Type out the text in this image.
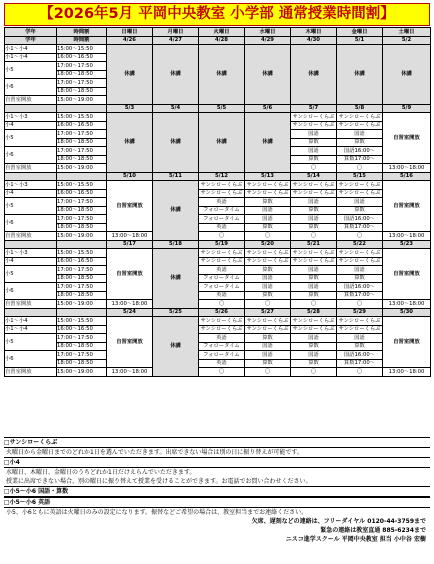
【2026年5月 平岡中央教室 小学部 通常授業時間割】
学年	時間割	日曜日	月曜日	火曜日	水曜日	木曜日	金曜日	土曜日
学年	時間割	4/26	4/27	4/28	4/29	4/30	5/1	5/2
小1～小4	15:00～15:50	休講	休講	休講	休講	休講	休講	休講
小1～小4	16:00～16:50							
小5	17:00～17:50							
	18:00～18:50							
小6	17:00～17:50							
	18:00～18:50							
自習室開放	15:00～19:00							
		5/3	5/4	5/5	5/6	5/7	5/8	5/9
小1～小3	15:00～15:50	休講	休講	休講	休講	サンシローくらぶ	サンシローくらぶ	自習室開放
小4	16:00～16:50					サンシローくらぶ	サンシローくらぶ	
小5	17:00～17:50					国語	国語	
	18:00～18:50					算数	算数	
小6	17:00～17:50					国語	国語16:00～	
	18:00～18:50					算数	算数17:00～	
自習室開放	15:00～19:00					〇	〇	13:00～18:00
		5/10	5/11	5/12	5/13	5/14	5/15	5/16
小1～小3	15:00～15:50	自習室開放	休講	サンシローくらぶ	サンシローくらぶ	サンシローくらぶ	サンシローくらぶ	自習室開放
小4	16:00～16:50			サンシローくらぶ	サンシローくらぶ	サンシローくらぶ	サンシローくらぶ	
小5	17:00～17:50			英語	算数	国語	国語	
	18:00～18:50			フォロータイム	国語	算数	算数	
小6	17:00～17:50			フォロータイム	国語	国語	国語16:00～	
	18:00～18:50			英語	算数	算数	算数17:00～	
自習室開放	15:00～19:00	13:00～18:00		〇	〇	〇	〇	13:00～18:00
		5/17	5/18	5/19	5/20	5/21	5/22	5/23
小1～小3	15:00～15:50	自習室開放	休講	サンシローくらぶ	サンシローくらぶ	サンシローくらぶ	サンシローくらぶ	自習室開放
小4	16:00～16:50			サンシローくらぶ	サンシローくらぶ	サンシローくらぶ	サンシローくらぶ	
小5	17:00～17:50			英語	算数	国語	国語	
	18:00～18:50			フォロータイム	国語	算数	算数	
小6	17:00～17:50			フォロータイム	国語	国語	国語16:00～	
	18:00～18:50			英語	算数	算数	算数17:00～	
自習室開放	15:00～19:00	13:00～18:00		〇	〇	〇	〇	13:00～18:00
		5/24	5/25	5/26	5/27	5/28	5/29	5/30
小1～小4	15:00～15:50	自習室開放	休講	サンシローくらぶ	サンシローくらぶ	サンシローくらぶ	サンシローくらぶ	自習室開放
小1～小4	16:00～16:50			サンシローくらぶ	サンシローくらぶ	サンシローくらぶ	サンシローくらぶ	
小5	17:00～17:50			英語	算数	国語	国語	
	18:00～18:50			フォロータイム	国語	算数	算数	
小6	17:00～17:50			フォロータイム	国語	国語	国語16:00～	
	18:00～18:50			英語	算数	算数	算数17:00～	
自習室開放	15:00～19:00	13:00～18:00		〇	〇	〇	〇	13:00～18:00
□サンシローくらぶ
火曜日から金曜日までのどれか1日を選んでいただきます。出席できない場合は別の日に振り替えが可能です。
□小4
水曜日、木曜日、金曜日のうちどれか1日だけえらんでいただきます。
授業に出席できない場合、別の曜日に振り替えて授業を受けることができます。お電話でお問い合わせください。
□小5～小6 国語・算数
□小5～小6 英語
小5、小6ともに英語は火曜日のみの設定になります。振替などご希望の場合は、教室担当までお連絡ください。
欠席、遅刻などの連絡は、フリーダイヤル 0120-44-3759まで
緊急の連絡は教室直通 885-6234まで
ニスコ進学スクール 平岡中央教室 担当 小中谷 宏樹
